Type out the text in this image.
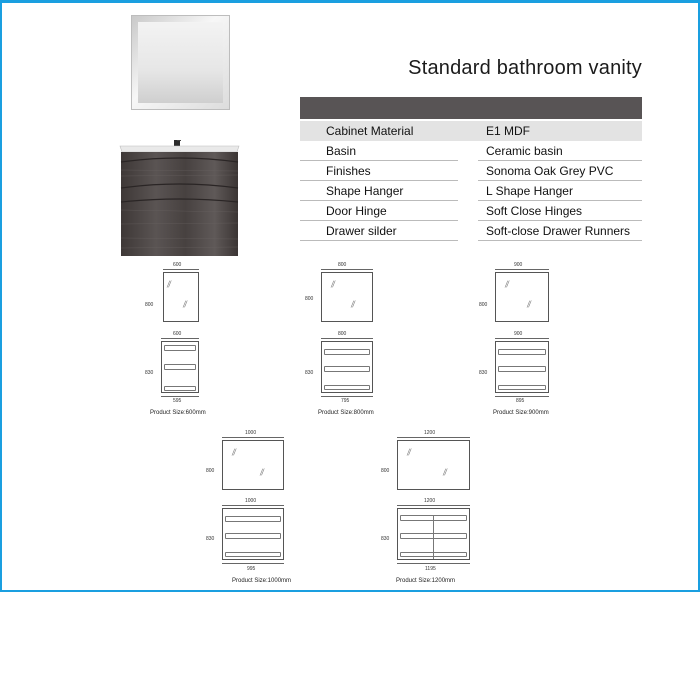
Standard bathroom vanity
Cabinet Material	E1 MDF
Basin	Ceramic basin
Finishes	Sonoma Oak Grey PVC
Shape Hanger	L Shape Hanger
Door Hinge	Soft Close Hinges
Drawer silder	Soft-close Drawer Runners
600
⁄⁄
⁄⁄
800
600
830
595
Product Size:600mm
800
⁄⁄
⁄⁄
800
800
830
795
Product Size:800mm
900
⁄⁄
⁄⁄
800
900
830
895
Product Size:900mm
1000
⁄⁄
⁄⁄
800
1000
830
995
Product Size:1000mm
1200
⁄⁄
⁄⁄
800
1200
830
1195
Product Size:1200mm
